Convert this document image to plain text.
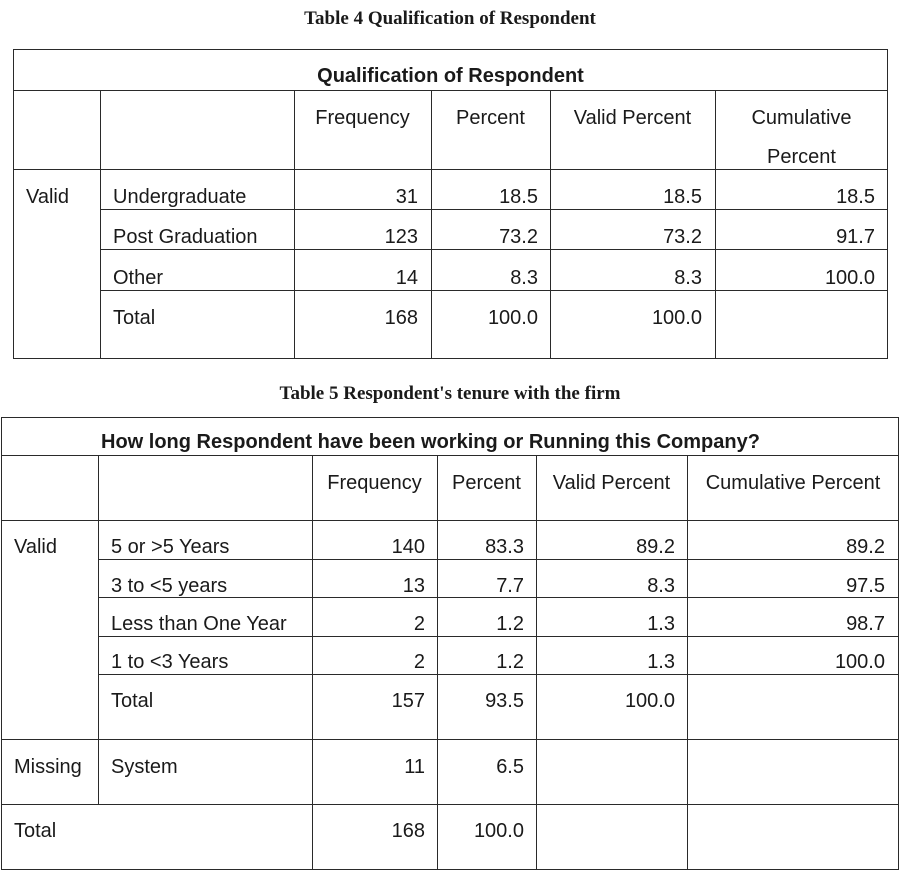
Table 4 Qualification of Respondent
Qualification of Respondent
Frequency	Percent	Valid Percent	Cumulative
Percent
Valid Undergraduate	31	18.5	18.5	18.5
Post Graduation	123	73.2	73.2	91.7
Other	14	8.3	8.3	100.0
Total	168	100.0	100.0
Table 5 Respondent's tenure with the firm
How long Respondent have been working or Running this Company?
Frequency	Percent	Valid Percent	Cumulative Percent
Valid	5 or >5 Years	140	83.3	89.2	89.2
3 to <5 years	13	7.7	8.3	97.5
Less than One Year	2	1.2	1.3	98.7
1 to <3 Years	2	1.2	1.3	100.0
Total	157	93.5	100.0
Missing System	11	6.5
Total	168	100.0
